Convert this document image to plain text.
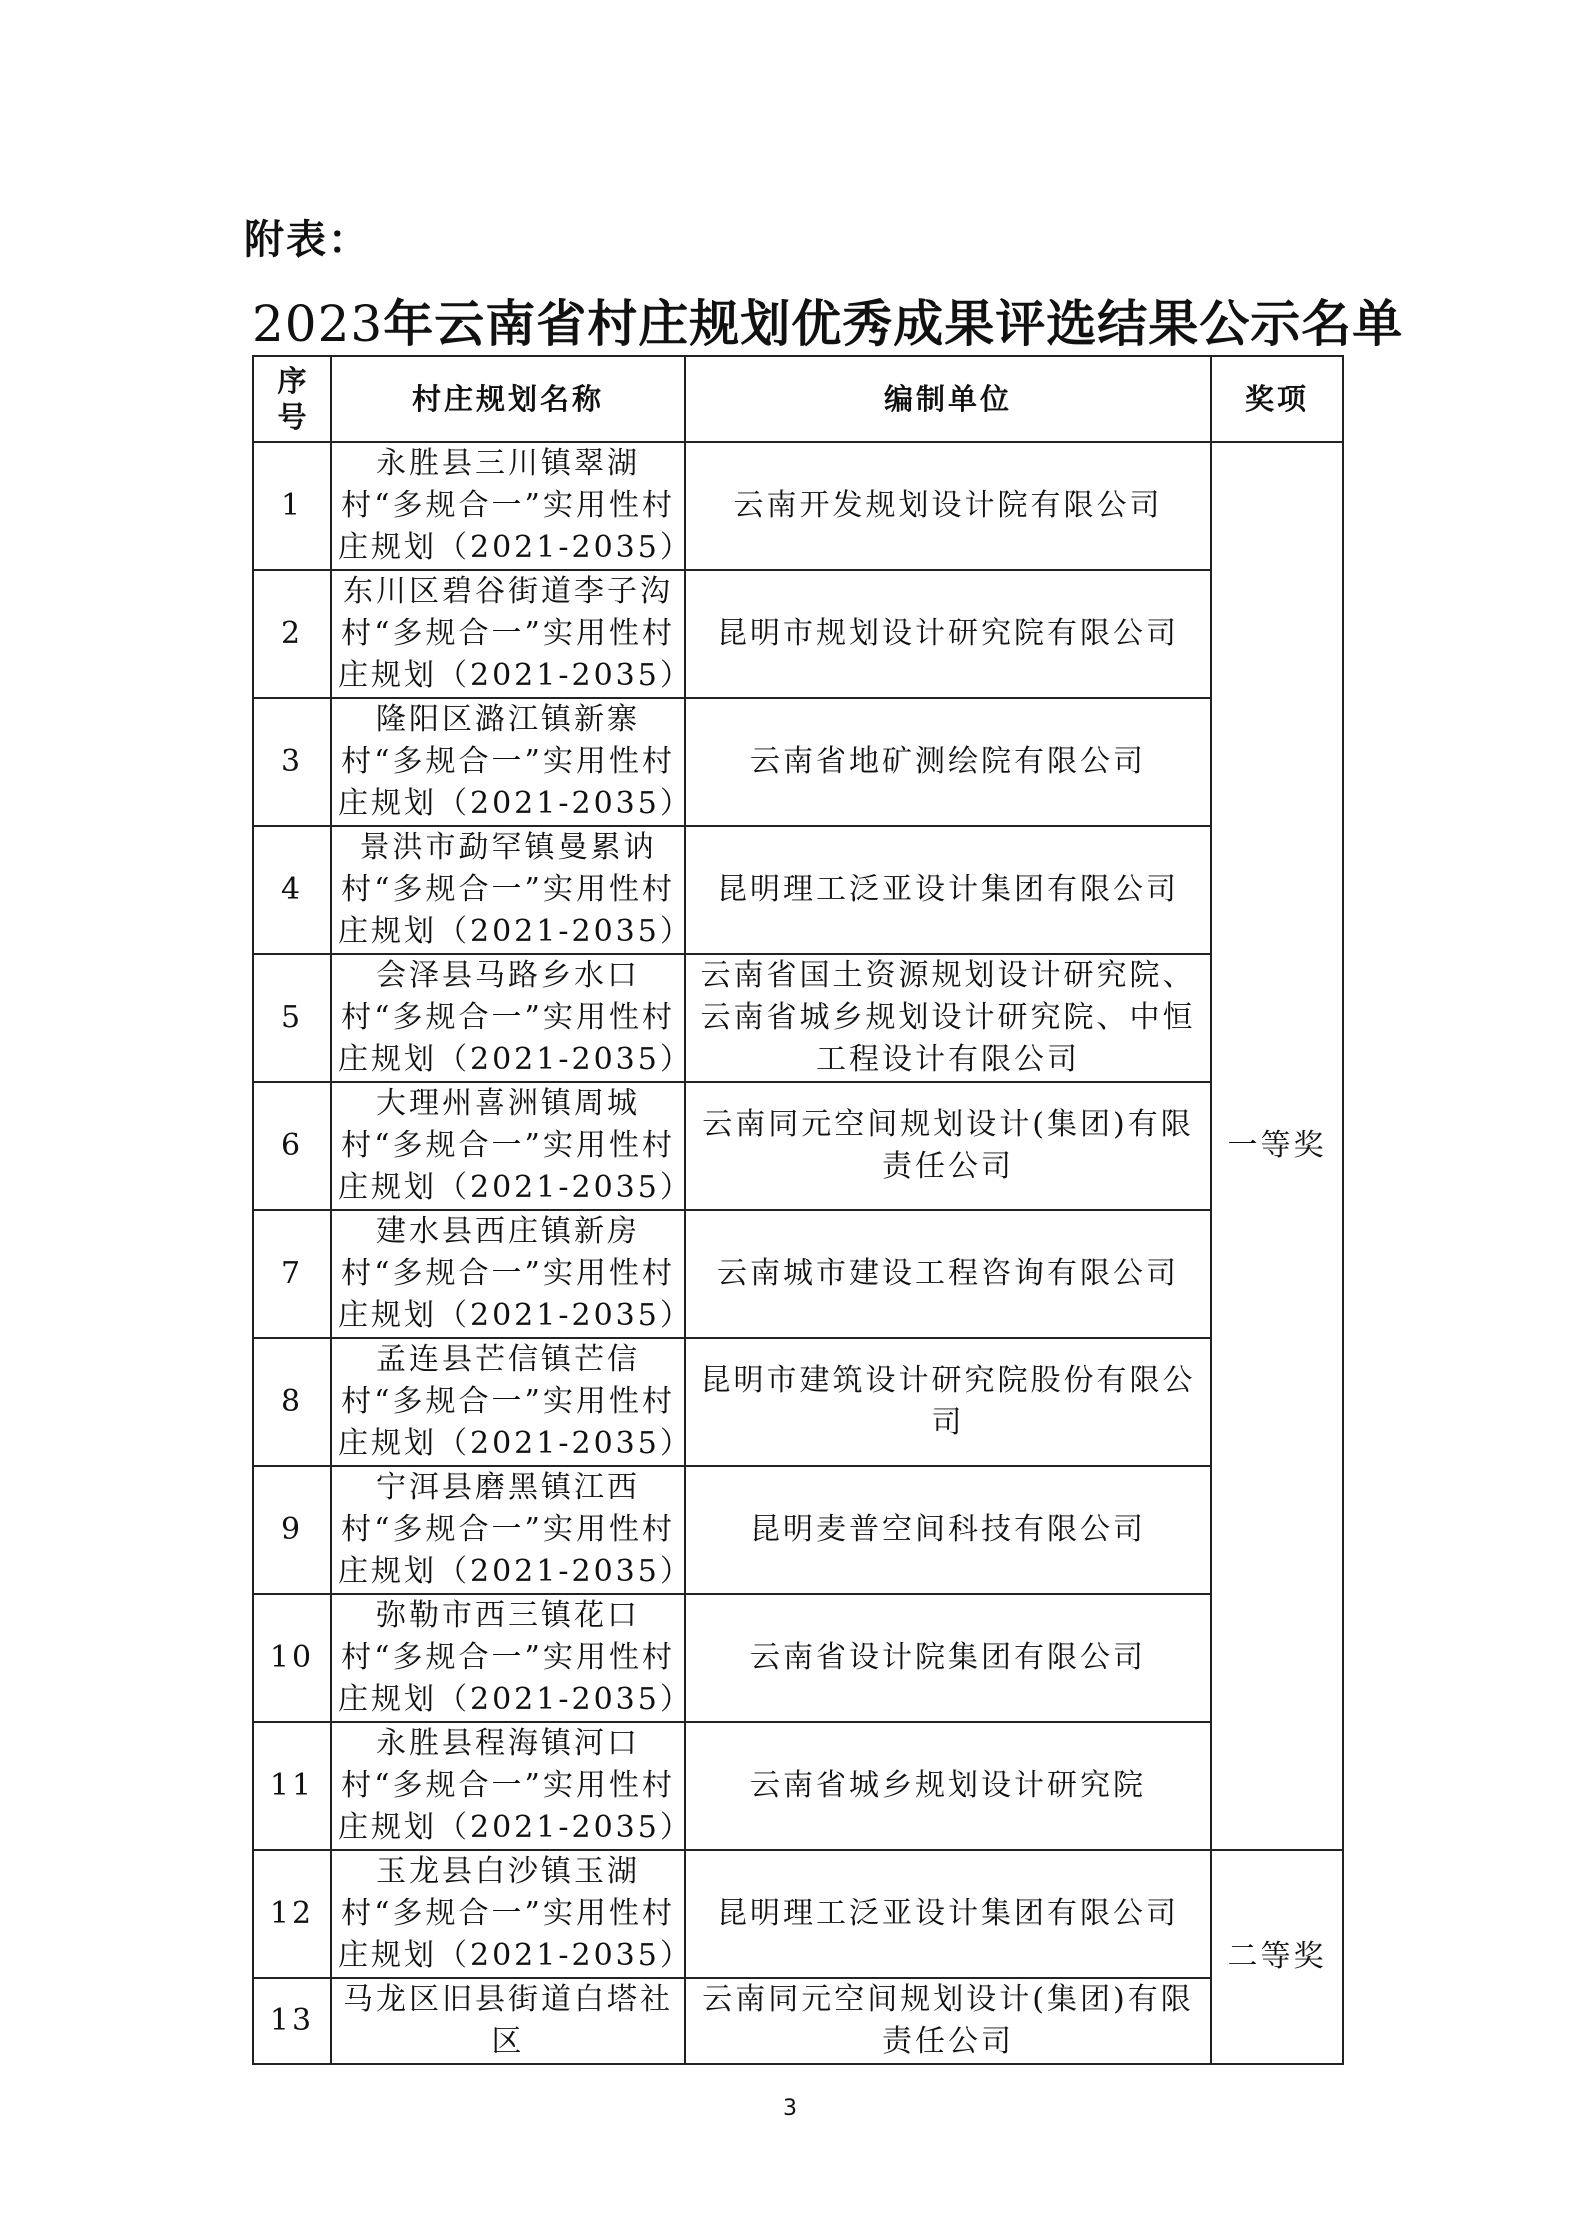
附表：
2023年云南省村庄规划优秀成果评选结果公示名单
序号	村庄规划名称	编制单位	奖项
1	永胜县三川镇翠湖村“多规合一”实用性村庄规划（2021-2035）	云南开发规划设计院有限公司	一等奖
2	东川区碧谷街道李子沟村“多规合一”实用性村庄规划（2021-2035）	昆明市规划设计研究院有限公司	
3	隆阳区潞江镇新寨村“多规合一”实用性村庄规划（2021-2035）	云南省地矿测绘院有限公司	
4	景洪市勐罕镇曼累讷村“多规合一”实用性村庄规划（2021-2035）	昆明理工泛亚设计集团有限公司	
5	会泽县马路乡水口村“多规合一”实用性村庄规划（2021-2035）	云南省国土资源规划设计研究院、云南省城乡规划设计研究院、中恒工程设计有限公司	
6	大理州喜洲镇周城村“多规合一”实用性村庄规划（2021-2035）	云南同元空间规划设计(集团)有限责任公司	
7	建水县西庄镇新房村“多规合一”实用性村庄规划（2021-2035）	云南城市建设工程咨询有限公司	
8	孟连县芒信镇芒信村“多规合一”实用性村庄规划（2021-2035）	昆明市建筑设计研究院股份有限公司	
9	宁洱县磨黑镇江西村“多规合一”实用性村庄规划（2021-2035）	昆明麦普空间科技有限公司	
10	弥勒市西三镇花口村“多规合一”实用性村庄规划（2021-2035）	云南省设计院集团有限公司	
11	永胜县程海镇河口村“多规合一”实用性村庄规划（2021-2035）	云南省城乡规划设计研究院	
12	玉龙县白沙镇玉湖村“多规合一”实用性村庄规划（2021-2035）	昆明理工泛亚设计集团有限公司	二等奖
13	马龙区旧县街道白塔社区	云南同元空间规划设计(集团)有限责任公司	
3
